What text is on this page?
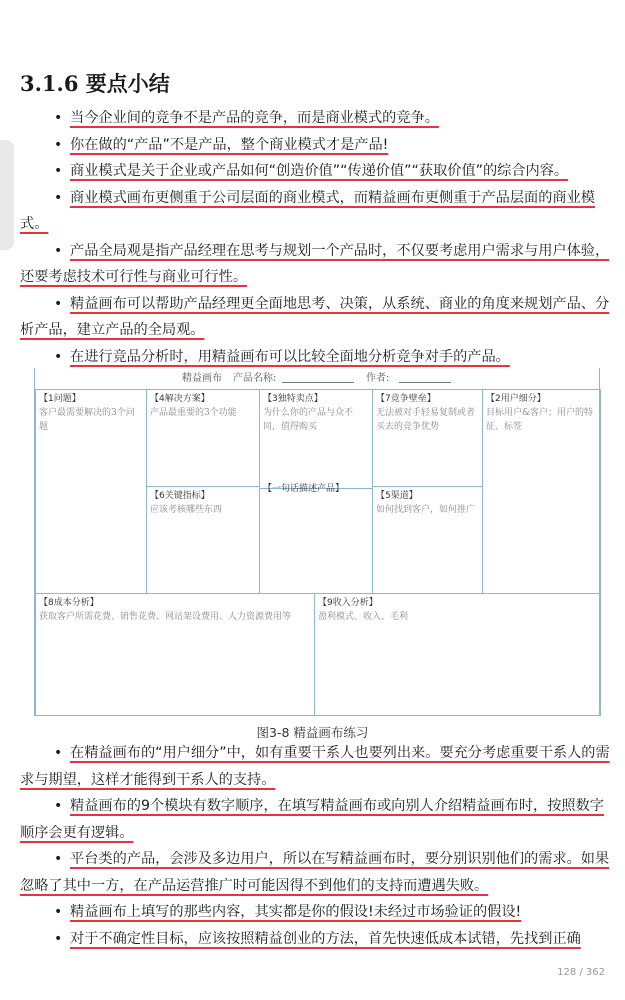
3.1.6 要点小结

• 当今企业间的竞争不是产品的竞争，而是商业模式的竞争。

• 你在做的“产品”不是产品，整个商业模式才是产品!

• 商业模式是关于企业或产品如何“创造价值”“传递价值”“获取价值”的综合内容。

• 商业模式画布更侧重于公司层面的商业模式，而精益画布更侧重于产品层面的商业模式。

• 产品全局观是指产品经理在思考与规划一个产品时，不仅要考虑用户需求与用户体验，还要考虑技术可行性与商业可行性。

• 精益画布可以帮助产品经理更全面地思考、决策，从系统、商业的角度来规划产品、分析产品，建立产品的全局观。

• 在进行竞品分析时，用精益画布可以比较全面地分析竞争对手的产品。

精益画布 产品名称:	作者:
【1问题】
客户最需要解决的3个问题
【4解决方案】
产品最重要的3个功能
【6关键指标】
应该考核哪些东西
【3独特卖点】
为什么你的产品与众不同，值得购买
【一句话描述产品】
【7竞争壁垒】
无法被对手轻易复制或者买去的竞争优势
【5渠道】
如何找到客户，如何推广
【2用户细分】
目标用户&客户；用户的特征、标签
【8成本分析】
获取客户所需花费、销售花费、网站架设费用、人力资源费用等
【9收入分析】
盈利模式、收入、毛利
图3-8 精益画布练习

• 在精益画布的“用户细分”中，如有重要干系人也要列出来。要充分考虑重要干系人的需求与期望，这样才能得到干系人的支持。

• 精益画布的9个模块有数字顺序，在填写精益画布或向别人介绍精益画布时，按照数字顺序会更有逻辑。

• 平台类的产品，会涉及多边用户，所以在写精益画布时，要分别识别他们的需求。如果忽略了其中一方，在产品运营推广时可能因得不到他们的支持而遭遇失败。

• 精益画布上填写的那些内容，其实都是你的假设!未经过市场验证的假设!

• 对于不确定性目标，应该按照精益创业的方法，首先快速低成本试错，先找到正确

128 / 362
